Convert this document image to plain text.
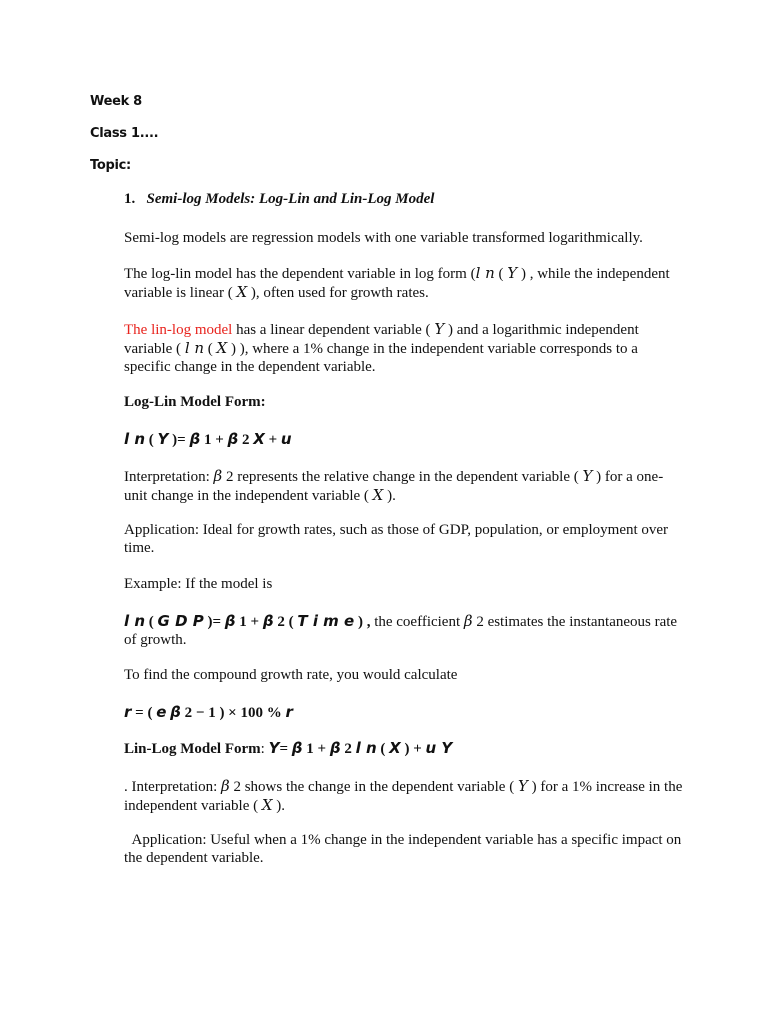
Week 8
Class 1....
Topic:
1. Semi-log Models: Log-Lin and Lin-Log Model
Semi-log models are regression models with one variable transformed logarithmically.
The log-lin model has the dependent variable in log form (l n ( Y ) , while the independent variable is linear ( X ), often used for growth rates.
The lin-log model has a linear dependent variable ( Y ) and a logarithmic independent variable ( l n ( X ) ), where a 1% change in the independent variable corresponds to a specific change in the dependent variable.
Log-Lin Model Form:
l n ( Y )= β 1 + β 2 X + u
Interpretation: β 2 represents the relative change in the dependent variable ( Y ) for a one-unit change in the independent variable ( X ).
Application: Ideal for growth rates, such as those of GDP, population, or employment over time.
Example: If the model is
l n ( G D P )= β 1 + β 2 ( T i m e ) , the coefficient β 2 estimates the instantaneous rate of growth.
To find the compound growth rate, you would calculate
r = ( e β 2 − 1 ) × 100 % r
Lin-Log Model Form: Y= β 1 + β 2 l n ( X ) + u Y
. Interpretation: β 2 shows the change in the dependent variable ( Y ) for a 1% increase in the independent variable ( X ).
Application: Useful when a 1% change in the independent variable has a specific impact on the dependent variable.
